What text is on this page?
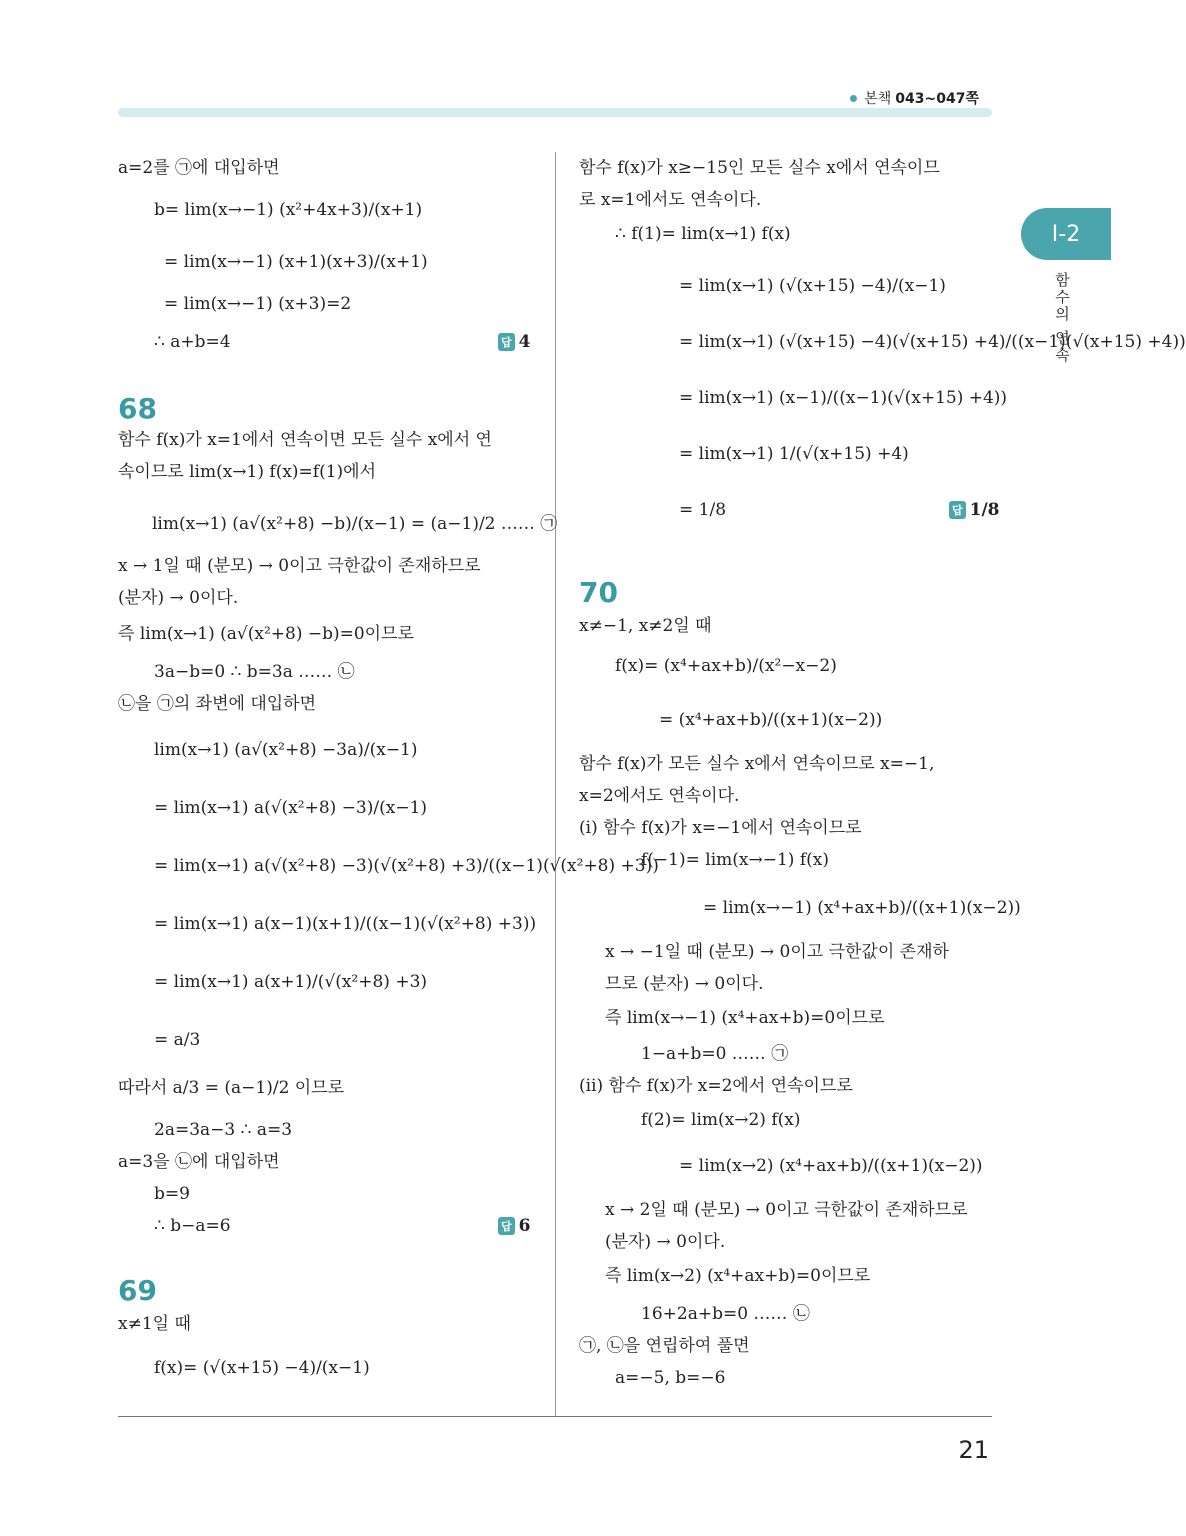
본책 043~047쪽
Ⅰ-2
함수의 연속
a=2를 ㉠에 대입하면
b= lim(x→−1) (x²+4x+3)/(x+1)
= lim(x→−1) (x+1)(x+3)/(x+1)
= lim(x→−1) (x+3)=2
∴ a+b=4	답 4
68
함수 f(x)가 x=1에서 연속이면 모든 실수 x에서 연
속이므로 lim(x→1) f(x)=f(1)에서
lim(x→1) (a√(x²+8) −b)/(x−1) = (a−1)/2 …… ㉠
x → 1일 때 (분모) → 0이고 극한값이 존재하므로
(분자) → 0이다.
즉 lim(x→1) (a√(x²+8) −b)=0이므로
3a−b=0 ∴ b=3a …… ㉡
㉡을 ㉠의 좌변에 대입하면
lim(x→1) (a√(x²+8) −3a)/(x−1)
= lim(x→1) a(√(x²+8) −3)/(x−1)
= lim(x→1) a(√(x²+8) −3)(√(x²+8) +3)/((x−1)(√(x²+8) +3))
= lim(x→1) a(x−1)(x+1)/((x−1)(√(x²+8) +3))
= lim(x→1) a(x+1)/(√(x²+8) +3)
= a/3
따라서 a/3 = (a−1)/2 이므로
2a=3a−3 ∴ a=3
a=3을 ㉡에 대입하면
b=9
∴ b−a=6	답 6
69
x≠1일 때
f(x)= (√(x+15) −4)/(x−1)
함수 f(x)가 x≥−15인 모든 실수 x에서 연속이므
로 x=1에서도 연속이다.
∴ f(1)= lim(x→1) f(x)
= lim(x→1) (√(x+15) −4)/(x−1)
= lim(x→1) (√(x+15) −4)(√(x+15) +4)/((x−1)(√(x+15) +4))
= lim(x→1) (x−1)/((x−1)(√(x+15) +4))
= lim(x→1) 1/(√(x+15) +4)
= 1/8	답 1/8
70
x≠−1, x≠2일 때
f(x)= (x⁴+ax+b)/(x²−x−2)
= (x⁴+ax+b)/((x+1)(x−2))
함수 f(x)가 모든 실수 x에서 연속이므로 x=−1,
x=2에서도 연속이다.
(ⅰ) 함수 f(x)가 x=−1에서 연속이므로
f(−1)= lim(x→−1) f(x)
= lim(x→−1) (x⁴+ax+b)/((x+1)(x−2))
x → −1일 때 (분모) → 0이고 극한값이 존재하
므로 (분자) → 0이다.
즉 lim(x→−1) (x⁴+ax+b)=0이므로
1−a+b=0 …… ㉠
(ⅱ) 함수 f(x)가 x=2에서 연속이므로
f(2)= lim(x→2) f(x)
= lim(x→2) (x⁴+ax+b)/((x+1)(x−2))
x → 2일 때 (분모) → 0이고 극한값이 존재하므로
(분자) → 0이다.
즉 lim(x→2) (x⁴+ax+b)=0이므로
16+2a+b=0 …… ㉡
㉠, ㉡을 연립하여 풀면
a=−5, b=−6
21
